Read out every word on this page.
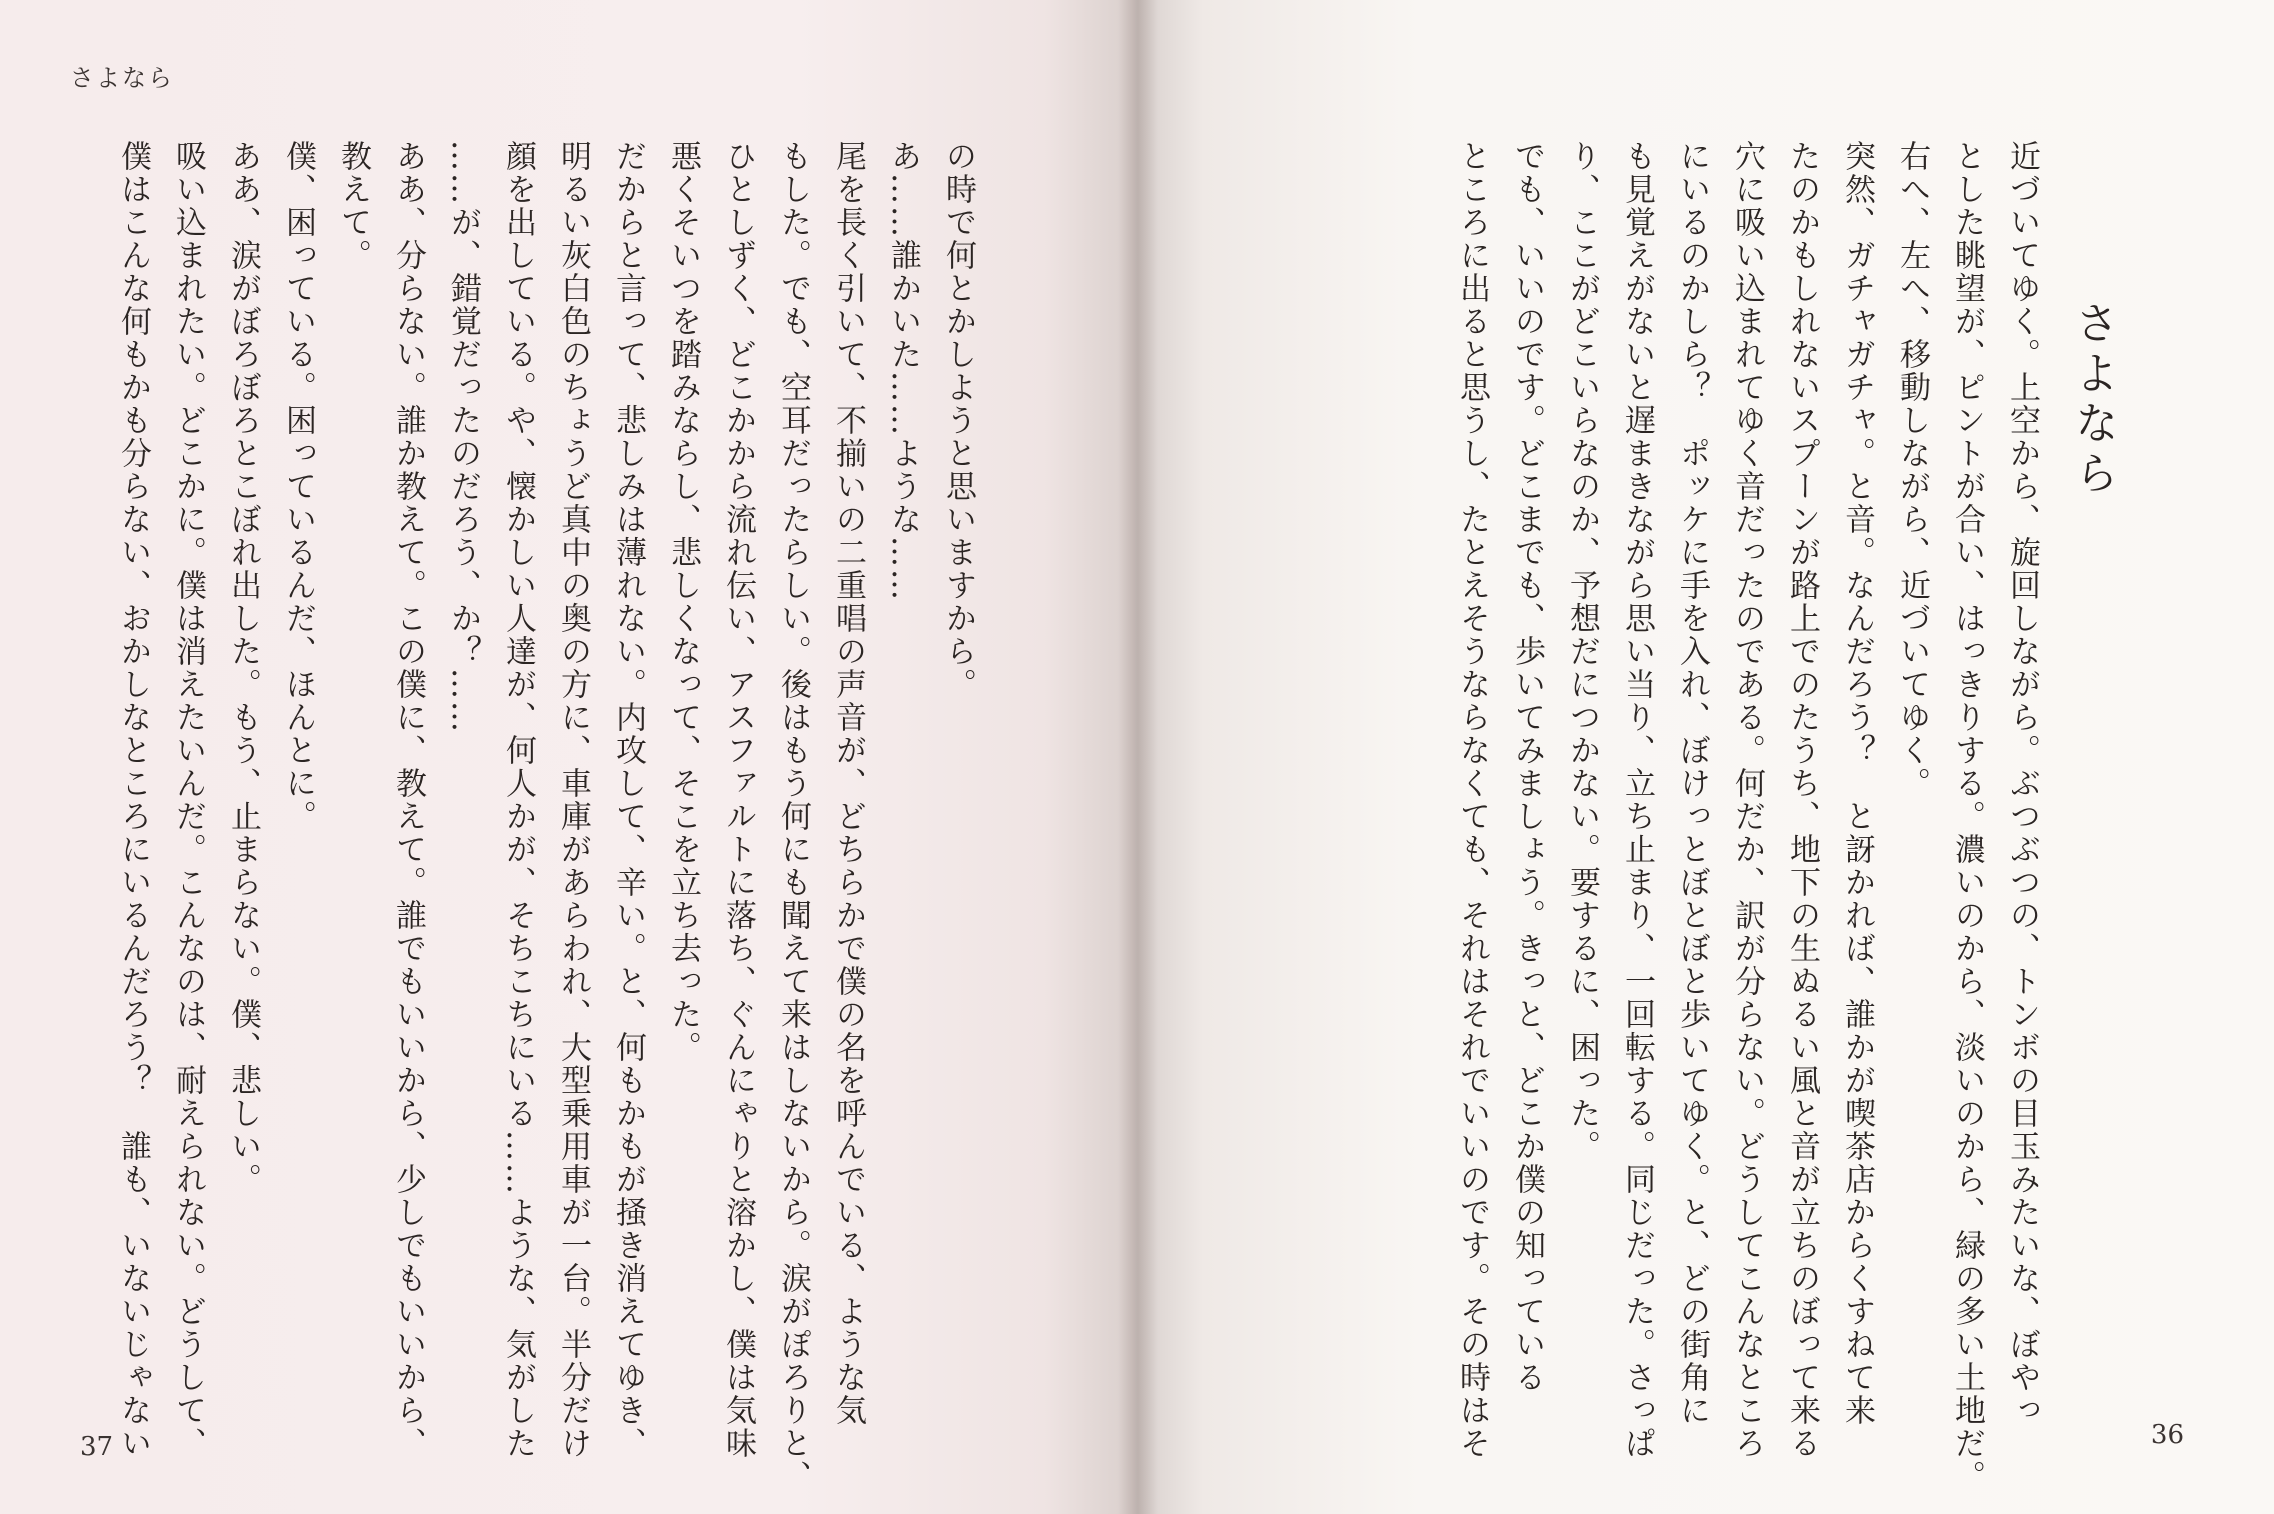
さよなら
の時で何とかしようと思いますから。
あ……誰かいた……ような……
尾を長く引いて、不揃いの二重唱の声音が、どちらかで僕の名を呼んでいる、ような気
もした。でも、空耳だったらしい。後はもう何にも聞えて来はしないから。涙がぽろりと、
ひとしずく、どこかから流れ伝い、アスファルトに落ち、ぐんにゃりと溶かし、僕は気味
悪くそいつを踏みならし、悲しくなって、そこを立ち去った。
だからと言って、悲しみは薄れない。内攻して、辛い。と、何もかもが掻き消えてゆき、
明るい灰白色のちょうど真中の奥の方に、車庫があらわれ、大型乗用車が一台。半分だけ
顔を出している。や、懐かしい人達が、何人かが、そちこちにいる……ような、気がした
……が、錯覚だったのだろう、か？……
ああ、分らない。誰か教えて。この僕に、教えて。誰でもいいから、少しでもいいから、
教えて。
僕、困っている。困っているんだ、ほんとに。
ああ、涙がぼろぼろとこぼれ出した。もう、止まらない。僕、悲しい。
吸い込まれたい。どこかに。僕は消えたいんだ。こんなのは、耐えられない。どうして、
僕はこんな何もかも分らない、おかしなところにいるんだろう？　誰も、いないじゃない
37
さよなら
近づいてゆく。上空から、旋回しながら。ぶつぶつの、トンボの目玉みたいな、ぼやっ
とした眺望が、ピントが合い、はっきりする。濃いのから、淡いのから、緑の多い土地だ。
右へ、左へ、移動しながら、近づいてゆく。
突然、ガチャガチャ。と音。なんだろう？　と訝かれば、誰かが喫茶店からくすねて来
たのかもしれないスプーンが路上でのたうち、地下の生ぬるい風と音が立ちのぼって来る
穴に吸い込まれてゆく音だったのである。何だか、訳が分らない。どうしてこんなところ
にいるのかしら？　ポッケに手を入れ、ぼけっとぼとぼと歩いてゆく。と、どの街角に
も見覚えがないと遅まきながら思い当り、立ち止まり、一回転する。同じだった。さっぱ
り、ここがどこいらなのか、予想だにつかない。要するに、困った。
でも、いいのです。どこまでも、歩いてみましょう。きっと、どこか僕の知っている
ところに出ると思うし、たとえそうならなくても、それはそれでいいのです。その時はそ	36
